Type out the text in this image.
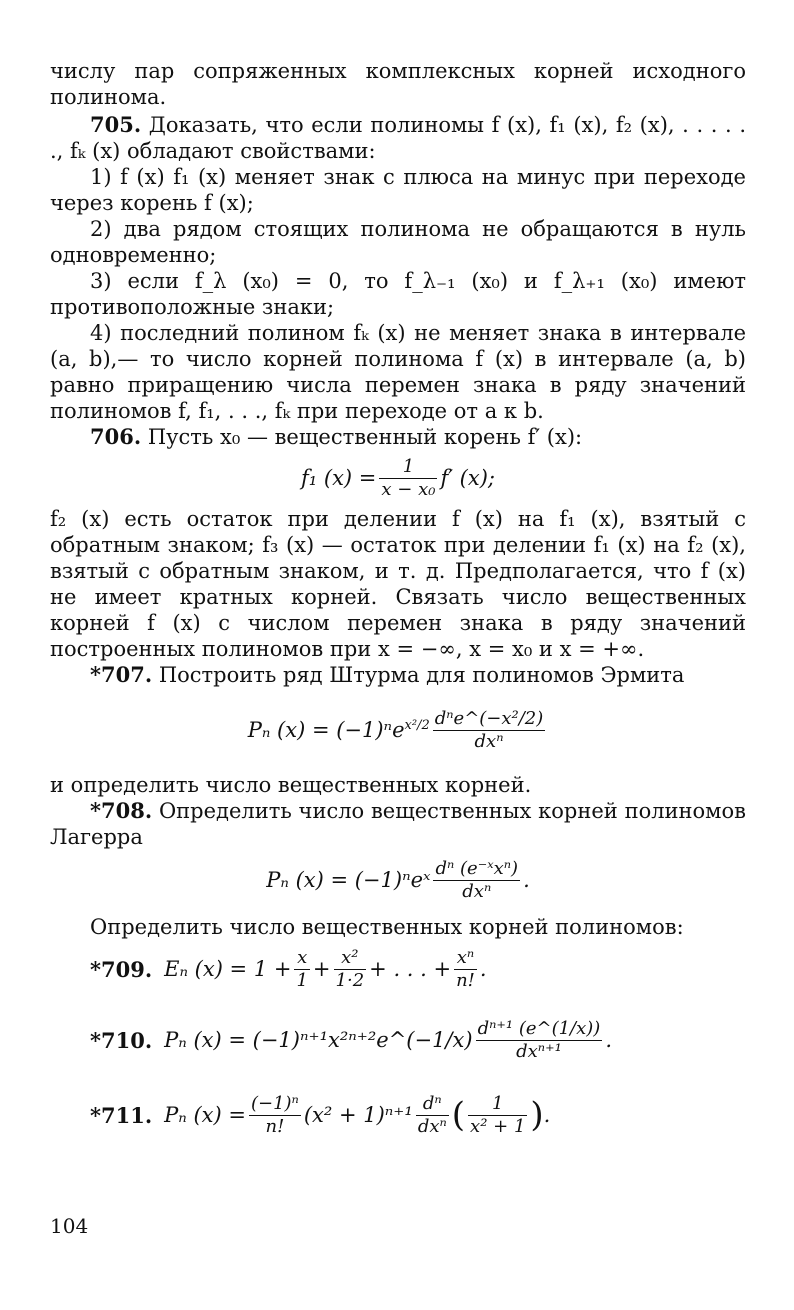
числу пар сопряженных комплексных корней исходного полинома.

705. Доказать, что если полиномы f (x), f₁ (x), f₂ (x), . . . . . ., fₖ (x) обладают свойствами:

1) f (x) f₁ (x) меняет знак с плюса на минус при переходе через корень f (x);

2) два рядом стоящих полинома не обращаются в нуль одновременно;

3) если f_λ (x₀) = 0, то f_λ₋₁ (x₀) и f_λ₊₁ (x₀) имеют противоположные знаки;

4) последний полином fₖ (x) не меняет знака в интервале (a, b),— то число корней полинома f (x) в интервале (a, b) равно приращению числа перемен знака в ряду значений полиномов f, f₁, . . ., fₖ при переходе от a к b.

706. Пусть x₀ — вещественный корень f′ (x):

f₁ $(x) = \frac{1}{\text{x − x₀}} f'$ (x);

f₂ (x) есть остаток при делении f (x) на f₁ (x), взятый с обратным знаком; f₃ (x) — остаток при делении f₁ (x) на f₂ (x), взятый с обратным знаком, и т. д. Предполагается, что f (x) не имеет кратных корней. Связать число вещественных корней f (x) с числом перемен знака в ряду значений построенных полиномов при x = −∞, x = x₀ и x = +∞.

*707. Построить ряд Штурма для полиномов Эрмита

Pₙ (x) = (−1)ⁿ $e^{x^2/2} \frac{\text{dⁿe\textasciicircum{}(−x²/2)}}{\text{dxⁿ}}$

и определить число вещественных корней.

*708. Определить число вещественных корней полиномов Лагерра

Pₙ (x) = (−1)ⁿeˣ $\frac{\text{dⁿ (e⁻ˣxⁿ)}}{\text{dxⁿ}}$ .

Определить число вещественных корней полиномов:

*709. Eₙ $(x) = 1 + \frac{x}{1} + \frac{\text{x²}}{1\cdot 2}$ + . . . + $\frac{\text{xⁿ}}{n!}$ .
*710. Pₙ (x) = (−1)ⁿ⁺¹x²ⁿ⁺²e^(−1/x) $\frac{\text{dⁿ⁺¹ (e\textasciicircum{}(1/x))}}{\text{dxⁿ⁺¹}}$ .
*711. Pₙ $(x) = \frac{\text{(−1)ⁿ}}{n!} (x^2 + 1)^{n+1} \frac{\text{dⁿ}}{\text{dxⁿ}}$ ( $\frac{1}{\text{x² + 1}}$ ) .
104
